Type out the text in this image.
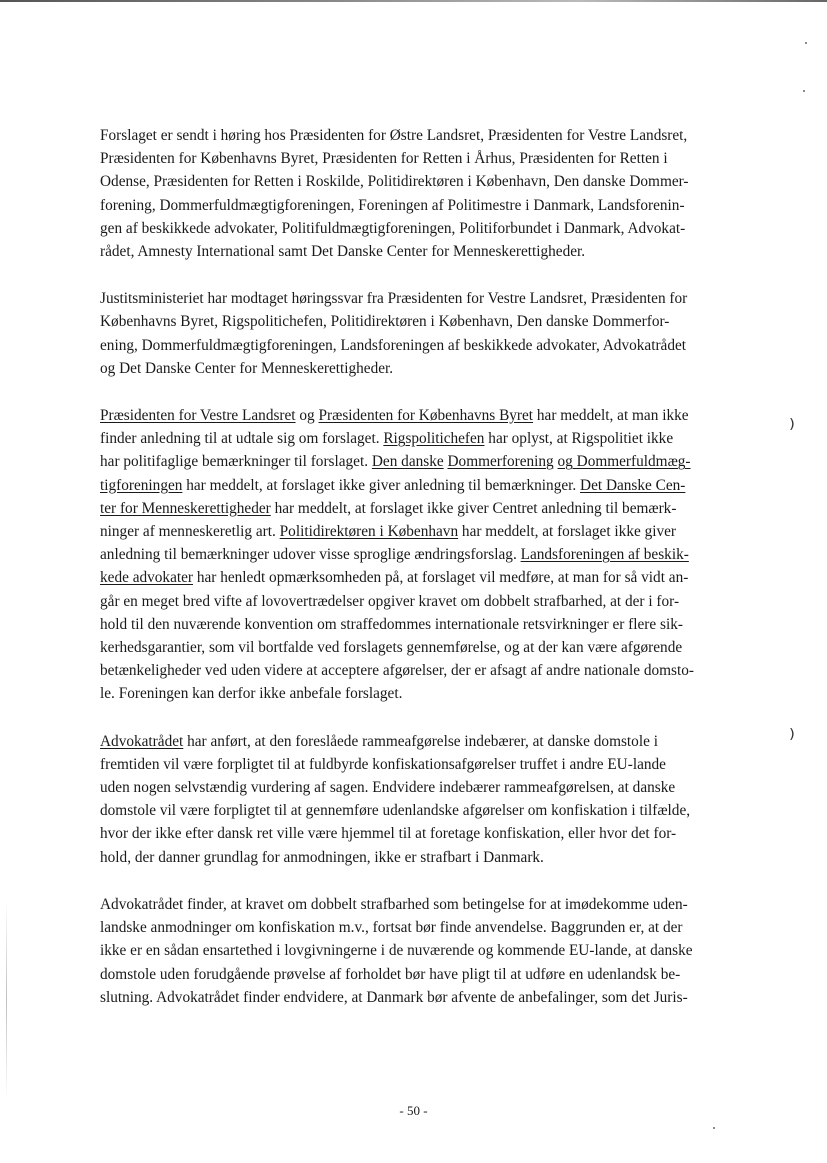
⁾
⁾
Forslaget er sendt i høring hos Præsidenten for Østre Landsret, Præsidenten for Vestre Landsret,
Præsidenten for Københavns Byret, Præsidenten for Retten i Århus, Præsidenten for Retten i
Odense, Præsidenten for Retten i Roskilde, Politidirektøren i København, Den danske Dommer-
forening, Dommerfuldmægtigforeningen, Foreningen af Politimestre i Danmark, Landsforenin-
gen af beskikkede advokater, Politifuldmægtigforeningen, Politiforbundet i Danmark, Advokat-
rådet, Amnesty International samt Det Danske Center for Menneskerettigheder.
Justitsministeriet har modtaget høringssvar fra Præsidenten for Vestre Landsret, Præsidenten for
Københavns Byret, Rigspolitichefen, Politidirektøren i København, Den danske Dommerfor-
ening, Dommerfuldmægtigforeningen, Landsforeningen af beskikkede advokater, Advokatrådet
og Det Danske Center for Menneskerettigheder.
Præsidenten for Vestre Landsret og Præsidenten for Københavns Byret har meddelt, at man ikke
finder anledning til at udtale sig om forslaget. Rigspolitichefen har oplyst, at Rigspolitiet ikke
har politifaglige bemærkninger til forslaget. Den danske Dommerforening og Dommerfuldmæg-
tigforeningen har meddelt, at forslaget ikke giver anledning til bemærkninger. Det Danske Cen-
ter for Menneskerettigheder har meddelt, at forslaget ikke giver Centret anledning til bemærk-
ninger af menneskeretlig art. Politidirektøren i København har meddelt, at forslaget ikke giver
anledning til bemærkninger udover visse sproglige ændringsforslag. Landsforeningen af beskik-
kede advokater har henledt opmærksomheden på, at forslaget vil medføre, at man for så vidt an-
går en meget bred vifte af lovovertrædelser opgiver kravet om dobbelt strafbarhed, at der i for-
hold til den nuværende konvention om straffedommes internationale retsvirkninger er flere sik-
kerhedsgarantier, som vil bortfalde ved forslagets gennemførelse, og at der kan være afgørende
betænkeligheder ved uden videre at acceptere afgørelser, der er afsagt af andre nationale domsto-
le. Foreningen kan derfor ikke anbefale forslaget.
Advokatrådet har anført, at den foreslåede rammeafgørelse indebærer, at danske domstole i
fremtiden vil være forpligtet til at fuldbyrde konfiskationsafgørelser truffet i andre EU-lande
uden nogen selvstændig vurdering af sagen. Endvidere indebærer rammeafgørelsen, at danske
domstole vil være forpligtet til at gennemføre udenlandske afgørelser om konfiskation i tilfælde,
hvor der ikke efter dansk ret ville være hjemmel til at foretage konfiskation, eller hvor det for-
hold, der danner grundlag for anmodningen, ikke er strafbart i Danmark.
Advokatrådet finder, at kravet om dobbelt strafbarhed som betingelse for at imødekomme uden-
landske anmodninger om konfiskation m.v., fortsat bør finde anvendelse. Baggrunden er, at der
ikke er en sådan ensartethed i lovgivningerne i de nuværende og kommende EU-lande, at danske
domstole uden forudgående prøvelse af forholdet bør have pligt til at udføre en udenlandsk be-
slutning. Advokatrådet finder endvidere, at Danmark bør afvente de anbefalinger, som det Juris-
- 50 -
